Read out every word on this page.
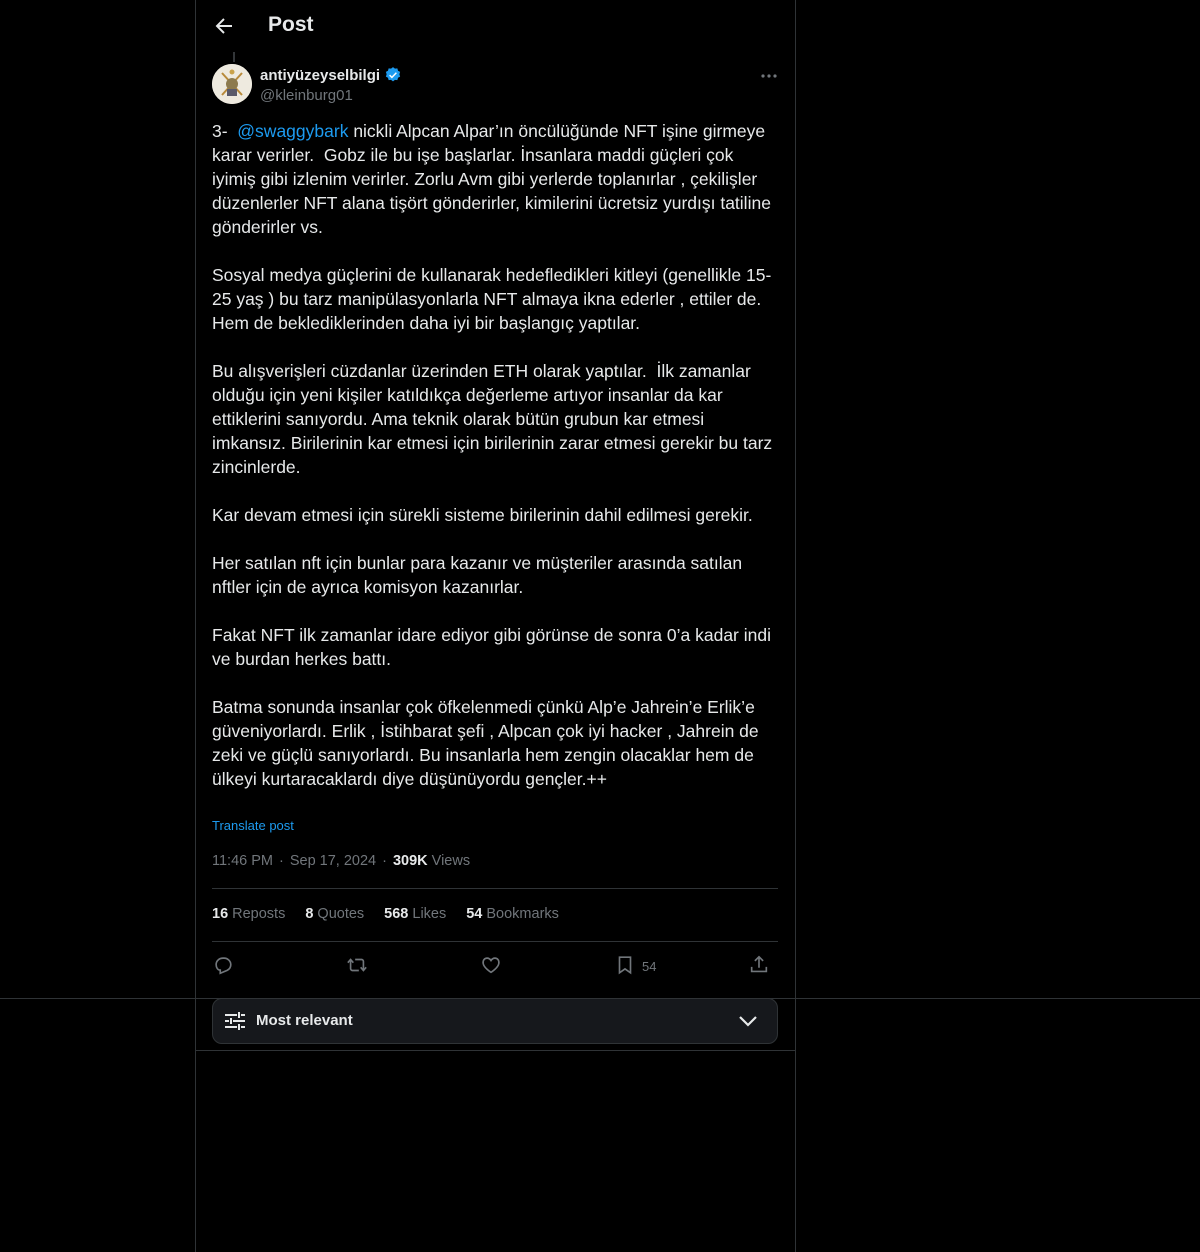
Post
antiyüzeyselbilgi
@kleinburg01

3-  @swaggybark nickli Alpcan Alpar’ın öncülüğünde NFT işine girmeye karar verirler.  Gobz ile bu işe başlarlar. İnsanlara maddi güçleri çok iyimiş gibi izlenim verirler. Zorlu Avm gibi yerlerde toplanırlar , çekilişler düzenlerler NFT alana tişört gönderirler, kimilerini ücretsiz yurdışı tatiline gönderirler vs.

Sosyal medya güçlerini de kullanarak hedefledikleri kitleyi (genellikle 15-25 yaş ) bu tarz manipülasyonlarla NFT almaya ikna ederler , ettiler de.
Hem de beklediklerinden daha iyi bir başlangıç yaptılar.

Bu alışverişleri cüzdanlar üzerinden ETH olarak yaptılar.  İlk zamanlar olduğu için yeni kişiler katıldıkça değerleme artıyor insanlar da kar ettiklerini sanıyordu. Ama teknik olarak bütün grubun kar etmesi imkansız. Birilerinin kar etmesi için birilerinin zarar etmesi gerekir bu tarz zincinlerde.

Kar devam etmesi için sürekli sisteme birilerinin dahil edilmesi gerekir.

Her satılan nft için bunlar para kazanır ve müşteriler arasında satılan nftler için de ayrıca komisyon kazanırlar.

Fakat NFT ilk zamanlar idare ediyor gibi görünse de sonra 0’a kadar indi ve burdan herkes battı.

Batma sonunda insanlar çok öfkelenmedi çünkü Alp’e Jahrein’e Erlik’e güveniyorlardı. Erlik , İstihbarat şefi , Alpcan çok iyi hacker , Jahrein de zeki ve güçlü sanıyorlardı. Bu insanlarla hem zengin olacaklar hem de ülkeyi kurtaracaklardı diye düşünüyordu gençler.++

Translate post
11:46 PM · Sep 17, 2024 · 309K Views
16 Reposts 8 Quotes 568 Likes 54 Bookmarks
54
Most relevant
